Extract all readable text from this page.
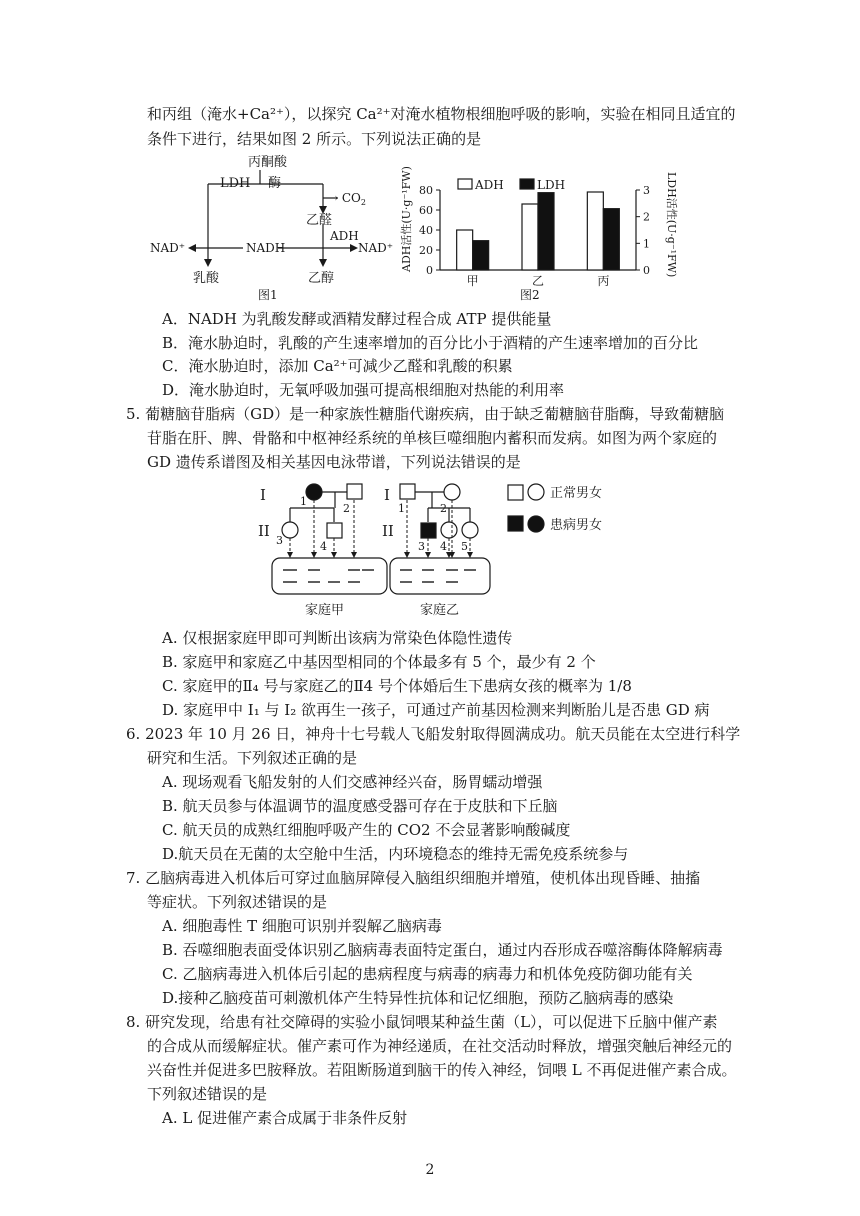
和丙组（淹水+Ca²⁺），以探究 Ca²⁺对淹水植物根细胞呼吸的影响，实验在相同且适宜的
条件下进行，结果如图 2 所示。下列说法正确的是
丙酮酸
LDH 酶
→ $CO_2$
乙醛
ADH
NAD⁺	NADH	NAD⁺
乳酸	乙醇
图1
甲	乙	丙
0
20
40
60
80
0
1
2
3
ADH活性(U·g⁻¹FW)	LDH活性(U·g⁻¹FW)
ADH	LDH
图2
A．NADH 为乳酸发酵或酒精发酵过程合成 ATP 提供能量
B．淹水胁迫时，乳酸的产生速率增加的百分比小于酒精的产生速率增加的百分比
C．淹水胁迫时，添加 Ca²⁺可减少乙醛和乳酸的积累
D．淹水胁迫时，无氧呼吸加强可提高根细胞对热能的利用率
5. 葡糖脑苷脂病（GD）是一种家族性糖脂代谢疾病，由于缺乏葡糖脑苷脂酶，导致葡糖脑
苷脂在肝、脾、骨骼和中枢神经系统的单核巨噬细胞内蓄积而发病。如图为两个家庭的
GD 遗传系谱图及相关基因电泳带谱，下列说法错误的是
I
II
1
2
3	4
I
II
1	2
3 4 5
正常男女
患病男女
家庭甲	家庭乙
A. 仅根据家庭甲即可判断出该病为常染色体隐性遗传
B. 家庭甲和家庭乙中基因型相同的个体最多有 5 个，最少有 2 个
C. 家庭甲的Ⅱ₄ 号与家庭乙的Ⅱ4 号个体婚后生下患病女孩的概率为 1/8
D. 家庭甲中 I₁ 与 I₂ 欲再生一孩子，可通过产前基因检测来判断胎儿是否患 GD 病
6. 2023 年 10 月 26 日，神舟十七号载人飞船发射取得圆满成功。航天员能在太空进行科学
研究和生活。下列叙述正确的是
A. 现场观看飞船发射的人们交感神经兴奋，肠胃蠕动增强
B. 航天员参与体温调节的温度感受器可存在于皮肤和下丘脑
C. 航天员的成熟红细胞呼吸产生的 CO2 不会显著影响酸碱度
D.航天员在无菌的太空舱中生活，内环境稳态的维持无需免疫系统参与
7. 乙脑病毒进入机体后可穿过血脑屏障侵入脑组织细胞并增殖，使机体出现昏睡、抽搐
等症状。下列叙述错误的是
A. 细胞毒性 T 细胞可识别并裂解乙脑病毒
B. 吞噬细胞表面受体识别乙脑病毒表面特定蛋白，通过内吞形成吞噬溶酶体降解病毒
C. 乙脑病毒进入机体后引起的患病程度与病毒的病毒力和机体免疫防御功能有关
D.接种乙脑疫苗可刺激机体产生特异性抗体和记忆细胞，预防乙脑病毒的感染
8. 研究发现，给患有社交障碍的实验小鼠饲喂某种益生菌（L），可以促进下丘脑中催产素
的合成从而缓解症状。催产素可作为神经递质，在社交活动时释放，增强突触后神经元的
兴奋性并促进多巴胺释放。若阻断肠道到脑干的传入神经，饲喂 L 不再促进催产素合成。
下列叙述错误的是
A. L 促进催产素合成属于非条件反射
2
